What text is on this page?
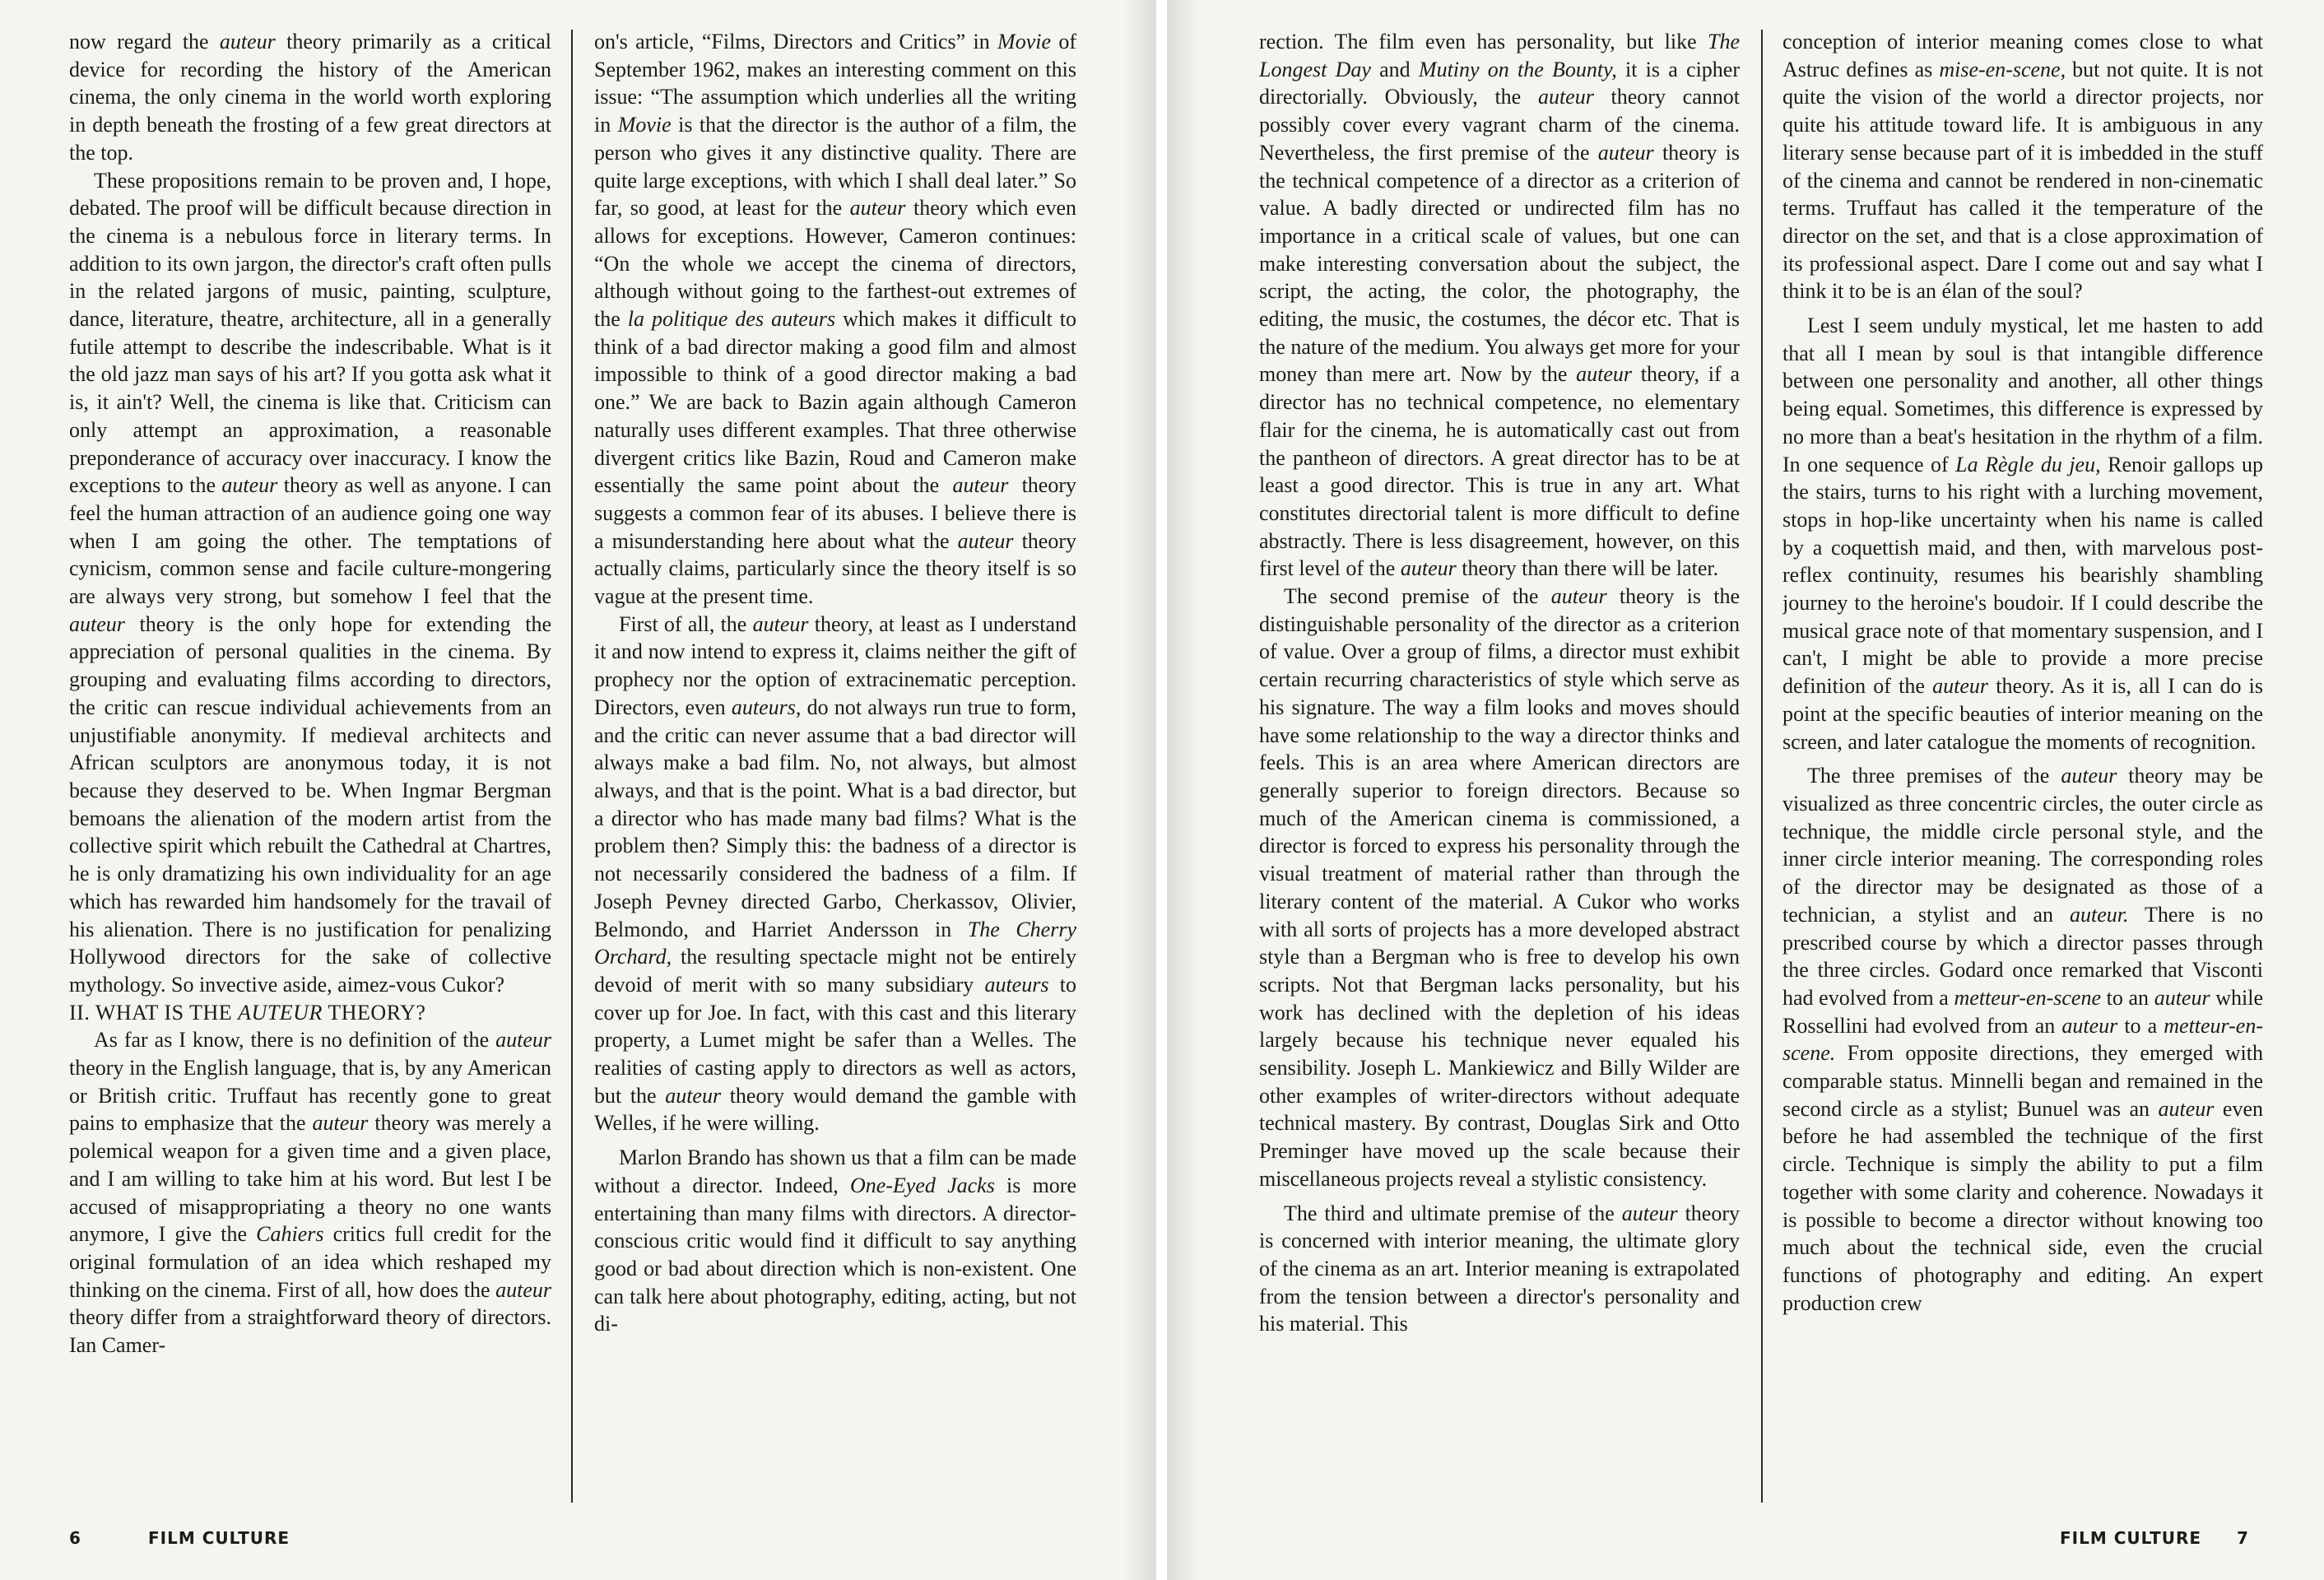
now regard the auteur theory primarily as a critical device for recording the history of the American cinema, the only cinema in the world worth exploring in depth beneath the frosting of a few great directors at the top.

These propositions remain to be proven and, I hope, debated. The proof will be difficult because direction in the cinema is a nebulous force in literary terms. In addition to its own jargon, the director's craft often pulls in the related jargons of music, painting, sculpture, dance, literature, theatre, architecture, all in a generally futile attempt to describe the indescribable. What is it the old jazz man says of his art? If you gotta ask what it is, it ain't? Well, the cinema is like that. Criticism can only attempt an approximation, a reasonable preponderance of accuracy over inaccuracy. I know the exceptions to the auteur theory as well as anyone. I can feel the human attraction of an audience going one way when I am going the other. The temptations of cynicism, common sense and facile culture-mongering are always very strong, but somehow I feel that the auteur theory is the only hope for extending the appreciation of personal qualities in the cinema. By grouping and evaluating films according to directors, the critic can rescue individual achievements from an unjustifiable anonymity. If medieval architects and African sculptors are anonymous today, it is not because they deserved to be. When Ingmar Bergman bemoans the alienation of the modern artist from the collective spirit which rebuilt the Cathedral at Chartres, he is only dramatizing his own individuality for an age which has rewarded him handsomely for the travail of his alienation. There is no justification for penalizing Hollywood directors for the sake of collective mythology. So invective aside, aimez-vous Cukor?

II. WHAT IS THE AUTEUR THEORY?

As far as I know, there is no definition of the auteur theory in the English language, that is, by any American or British critic. Truffaut has recently gone to great pains to emphasize that the auteur theory was merely a polemical weapon for a given time and a given place, and I am willing to take him at his word. But lest I be accused of misappropriating a theory no one wants anymore, I give the Cahiers critics full credit for the original formulation of an idea which reshaped my thinking on the cinema. First of all, how does the auteur theory differ from a straightforward theory of directors. Ian Camer-

on's article, “Films, Directors and Critics” in Movie of September 1962, makes an interesting comment on this issue: “The assumption which underlies all the writing in Movie is that the director is the author of a film, the person who gives it any distinctive quality. There are quite large exceptions, with which I shall deal later.” So far, so good, at least for the auteur theory which even allows for exceptions. However, Cameron continues: “On the whole we accept the cinema of directors, although without going to the farthest-out extremes of the la politique des auteurs which makes it difficult to think of a bad director making a good film and almost impossible to think of a good director making a bad one.” We are back to Bazin again although Cameron naturally uses different examples. That three otherwise divergent critics like Bazin, Roud and Cameron make essentially the same point about the auteur theory suggests a common fear of its abuses. I believe there is a misunderstanding here about what the auteur theory actually claims, particularly since the theory itself is so vague at the present time.

First of all, the auteur theory, at least as I understand it and now intend to express it, claims neither the gift of prophecy nor the option of extracinematic perception. Directors, even auteurs, do not always run true to form, and the critic can never assume that a bad director will always make a bad film. No, not always, but almost always, and that is the point. What is a bad director, but a director who has made many bad films? What is the problem then? Simply this: the badness of a director is not necessarily considered the badness of a film. If Joseph Pevney directed Garbo, Cherkassov, Olivier, Belmondo, and Harriet Andersson in The Cherry Orchard, the resulting spectacle might not be entirely devoid of merit with so many subsidiary auteurs to cover up for Joe. In fact, with this cast and this literary property, a Lumet might be safer than a Welles. The realities of casting apply to directors as well as actors, but the auteur theory would demand the gamble with Welles, if he were willing.

Marlon Brando has shown us that a film can be made without a director. Indeed, One-Eyed Jacks is more entertaining than many films with directors. A director-conscious critic would find it difficult to say anything good or bad about direction which is non-existent. One can talk here about photography, editing, acting, but not di-

6	FILM CULTURE

rection. The film even has personality, but like The Longest Day and Mutiny on the Bounty, it is a cipher directorially. Obviously, the auteur theory cannot possibly cover every vagrant charm of the cinema. Nevertheless, the first premise of the auteur theory is the technical competence of a director as a criterion of value. A badly directed or undirected film has no importance in a critical scale of values, but one can make interesting conversation about the subject, the script, the acting, the color, the photography, the editing, the music, the costumes, the décor etc. That is the nature of the medium. You always get more for your money than mere art. Now by the auteur theory, if a director has no technical competence, no elementary flair for the cinema, he is automatically cast out from the pantheon of directors. A great director has to be at least a good director. This is true in any art. What constitutes directorial talent is more difficult to define abstractly. There is less disagreement, however, on this first level of the auteur theory than there will be later.

The second premise of the auteur theory is the distinguishable personality of the director as a criterion of value. Over a group of films, a director must exhibit certain recurring characteristics of style which serve as his signature. The way a film looks and moves should have some relationship to the way a director thinks and feels. This is an area where American directors are generally superior to foreign directors. Because so much of the American cinema is commissioned, a director is forced to express his personality through the visual treatment of material rather than through the literary content of the material. A Cukor who works with all sorts of projects has a more developed abstract style than a Bergman who is free to develop his own scripts. Not that Bergman lacks personality, but his work has declined with the depletion of his ideas largely because his technique never equaled his sensibility. Joseph L. Mankiewicz and Billy Wilder are other examples of writer-directors without adequate technical mastery. By contrast, Douglas Sirk and Otto Preminger have moved up the scale because their miscellaneous projects reveal a stylistic consistency.

The third and ultimate premise of the auteur theory is concerned with interior meaning, the ultimate glory of the cinema as an art. Interior meaning is extrapolated from the tension between a director's personality and his material. This

conception of interior meaning comes close to what Astruc defines as mise-en-scene, but not quite. It is not quite the vision of the world a director projects, nor quite his attitude toward life. It is ambiguous in any literary sense because part of it is imbedded in the stuff of the cinema and cannot be rendered in non-cinematic terms. Truffaut has called it the temperature of the director on the set, and that is a close approximation of its professional aspect. Dare I come out and say what I think it to be is an élan of the soul?

Lest I seem unduly mystical, let me hasten to add that all I mean by soul is that intangible difference between one personality and another, all other things being equal. Sometimes, this difference is expressed by no more than a beat's hesitation in the rhythm of a film. In one sequence of La Règle du jeu, Renoir gallops up the stairs, turns to his right with a lurching movement, stops in hop-like uncertainty when his name is called by a coquettish maid, and then, with marvelous post-reflex continuity, resumes his bearishly shambling journey to the heroine's boudoir. If I could describe the musical grace note of that momentary suspension, and I can't, I might be able to provide a more precise definition of the auteur theory. As it is, all I can do is point at the specific beauties of interior meaning on the screen, and later catalogue the moments of recognition.

The three premises of the auteur theory may be visualized as three concentric circles, the outer circle as technique, the middle circle personal style, and the inner circle interior meaning. The corresponding roles of the director may be designated as those of a technician, a stylist and an auteur. There is no prescribed course by which a director passes through the three circles. Godard once remarked that Visconti had evolved from a metteur-en-scene to an auteur while Rossellini had evolved from an auteur to a metteur-en-scene. From opposite directions, they emerged with comparable status. Minnelli began and remained in the second circle as a stylist; Bunuel was an auteur even before he had assembled the technique of the first circle. Technique is simply the ability to put a film together with some clarity and coherence. Nowadays it is possible to become a director without knowing too much about the technical side, even the crucial functions of photography and editing. An expert production crew

FILM CULTURE 7
